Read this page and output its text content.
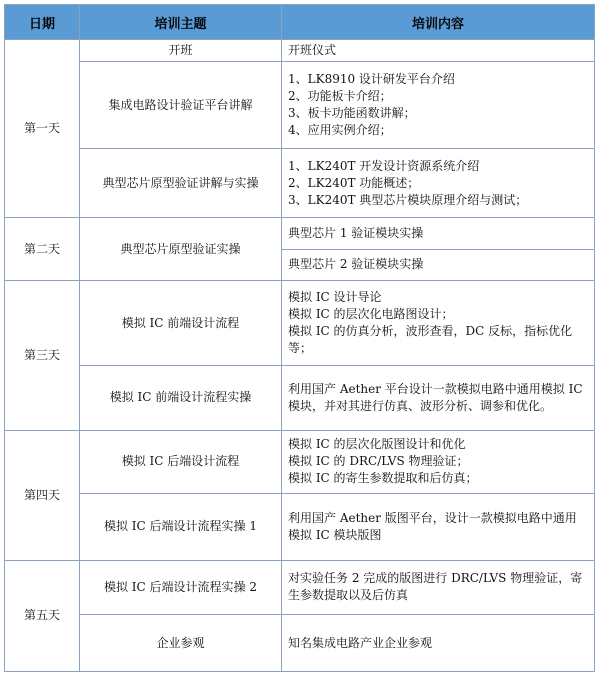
日期	培训主题	培训内容
第一天	开班	开班仪式

	集成电路设计验证平台讲解	1、LK8910 设计研发平台介绍
2、功能板卡介绍；
3、板卡功能函数讲解；
4、应用实例介绍；

	典型芯片原型验证讲解与实操	1、LK240T 开发设计资源系统介绍
2、LK240T 功能概述；
3、LK240T 典型芯片模块原理介绍与测试；

第二天	典型芯片原型验证实操	典型芯片 1 验证模块实操

		典型芯片 2 验证模块实操

第三天	模拟 IC 前端设计流程	模拟 IC 设计导论
模拟 IC 的层次化电路图设计；
模拟 IC 的仿真分析，波形查看，DC 反标，指标优化等；

	模拟 IC 前端设计流程实操	利用国产 Aether 平台设计一款模拟电路中通用模拟 IC 模块，并对其进行仿真、波形分析、调参和优化。

第四天	模拟 IC 后端设计流程	模拟 IC 的层次化版图设计和优化
模拟 IC 的 DRC/LVS 物理验证；
模拟 IC 的寄生参数提取和后仿真；

	模拟 IC 后端设计流程实操 1	利用国产 Aether 版图平台，设计一款模拟电路中通用模拟 IC 模块版图

第五天	模拟 IC 后端设计流程实操 2	对实验任务 2 完成的版图进行 DRC/LVS 物理验证，寄生参数提取以及后仿真

	企业参观	知名集成电路产业企业参观
